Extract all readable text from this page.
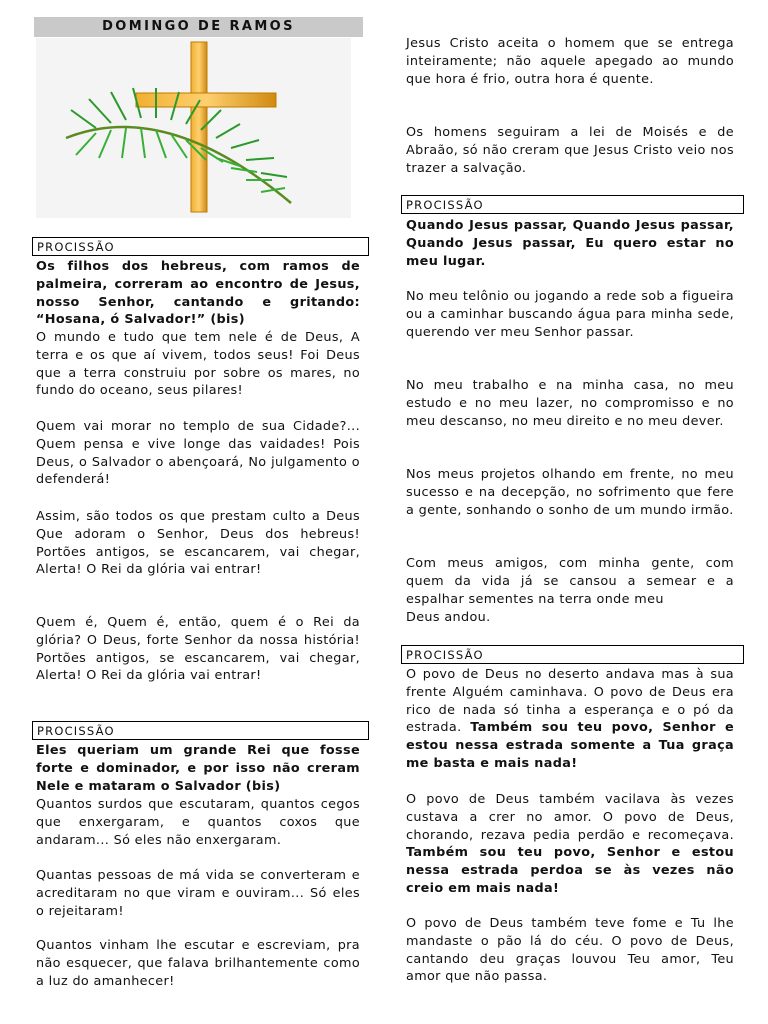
DOMINGO DE RAMOS
PROCISSÃO
Os filhos dos hebreus, com ramos de palmeira, correram ao encontro de Jesus, nosso Senhor, cantando e gritando: “Hosana, ó Salvador!” (bis)
O mundo e tudo que tem nele é de Deus, A terra e os que aí vivem, todos seus! Foi Deus que a terra construiu por sobre os mares, no fundo do oceano, seus pilares!
Quem vai morar no templo de sua Cidade?... Quem pensa e vive longe das vaidades! Pois Deus, o Salvador o abençoará, No julgamento o defenderá!
Assim, são todos os que prestam culto a Deus Que adoram o Senhor, Deus dos hebreus! Portões antigos, se escancarem, vai chegar, Alerta! O Rei da glória vai entrar!
Quem é, Quem é, então, quem é o Rei da glória? O Deus, forte Senhor da nossa história! Portões antigos, se escancarem, vai chegar, Alerta! O Rei da glória vai entrar!
PROCISSÃO
Eles queriam um grande Rei que fosse forte e dominador, e por isso não creram Nele e mataram o Salvador (bis)
Quantos surdos que escutaram, quantos cegos que enxergaram, e quantos coxos que andaram... Só eles não enxergaram.
Quantas pessoas de má vida se converteram e acreditaram no que viram e ouviram... Só eles o rejeitaram!
Quantos vinham lhe escutar e escreviam, pra não esquecer, que falava brilhantemente como a luz do amanhecer!
Jesus Cristo aceita o homem que se entrega inteiramente; não aquele apegado ao mundo que hora é frio, outra hora é quente.
Os homens seguiram a lei de Moisés e de Abraão, só não creram que Jesus Cristo veio nos trazer a salvação.
PROCISSÃO
Quando Jesus passar, Quando Jesus passar, Quando Jesus passar, Eu quero estar no meu lugar.
No meu telônio ou jogando a rede sob a figueira ou a caminhar buscando água para minha sede, querendo ver meu Senhor passar.
No meu trabalho e na minha casa, no meu estudo e no meu lazer, no compromisso e no meu descanso, no meu direito e no meu dever.
Nos meus projetos olhando em frente, no meu sucesso e na decepção, no sofrimento que fere a gente, sonhando o sonho de um mundo irmão.
Com meus amigos, com minha gente, com quem da vida já se cansou a semear e a espalhar sementes na terra onde meu
Deus andou.
PROCISSÃO
O povo de Deus no deserto andava mas à sua frente Alguém caminhava. O povo de Deus era rico de nada só tinha a esperança e o pó da estrada. Também sou teu povo, Senhor e estou nessa estrada somente a Tua graça me basta e mais nada!
O povo de Deus também vacilava às vezes custava a crer no amor. O povo de Deus, chorando, rezava pedia perdão e recomeçava. Também sou teu povo, Senhor e estou nessa estrada perdoa se às vezes não creio em mais nada!
O povo de Deus também teve fome e Tu lhe mandaste o pão lá do céu. O povo de Deus, cantando deu graças louvou Teu amor, Teu amor que não passa.
